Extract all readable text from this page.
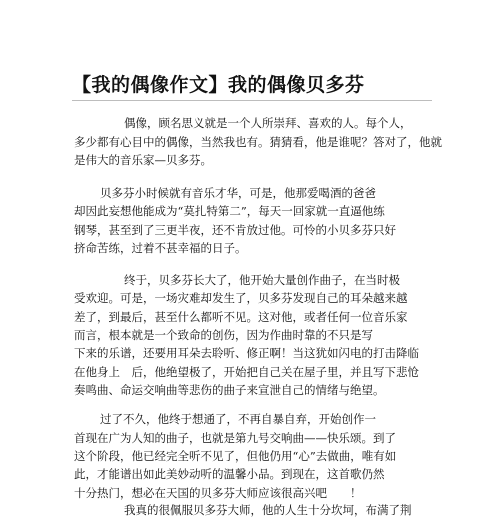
【我的偶像作文】我的偶像贝多芬
偶像，顾名思义就是一个人所崇拜、喜欢的人。每个人，
多少都有心目中的偶像，当然我也有。猜猜看，他是谁呢？答对了，他就
是伟大的音乐家—贝多芬。
贝多芬小时候就有音乐才华，可是，他那爱喝酒的爸爸
却因此妄想他能成为“莫扎特第二”，每天一回家就一直逼他练
钢琴，甚至到了三更半夜，还不肯放过他。可怜的小贝多芬只好
挤命苦练，过着不甚幸福的日子。
终于，贝多芬长大了，他开始大量创作曲子，在当时极
受欢迎。可是，一场灾难却发生了，贝多芬发现自己的耳朵越来越
差了，到最后，甚至什么都听不见。这对他，或者任何一位音乐家
而言，根本就是一个致命的创伤，因为作曲时靠的不只是写
下来的乐谱，还要用耳朵去聆听、修正啊！当这犹如闪电的打击降临
在他身上　后，他绝望极了，开始把自己关在屋子里，并且写下悲怆
奏鸣曲、命运交响曲等悲伤的曲子来宣泄自己的情绪与绝望。
过了不久，他终于想通了，不再自暴自弃，开始创作一
首现在广为人知的曲子，也就是第九号交响曲——快乐颂。到了
这个阶段，他已经完全听不见了，但他仍用“心”去做曲，唯有如
此，才能谱出如此美妙动听的温馨小品。到现在，这首歌仍然
十分热门，想必在天国的贝多芬大师应该很高兴吧　　！
我真的很佩服贝多芬大师，他的人生十分坎坷，布满了荆
